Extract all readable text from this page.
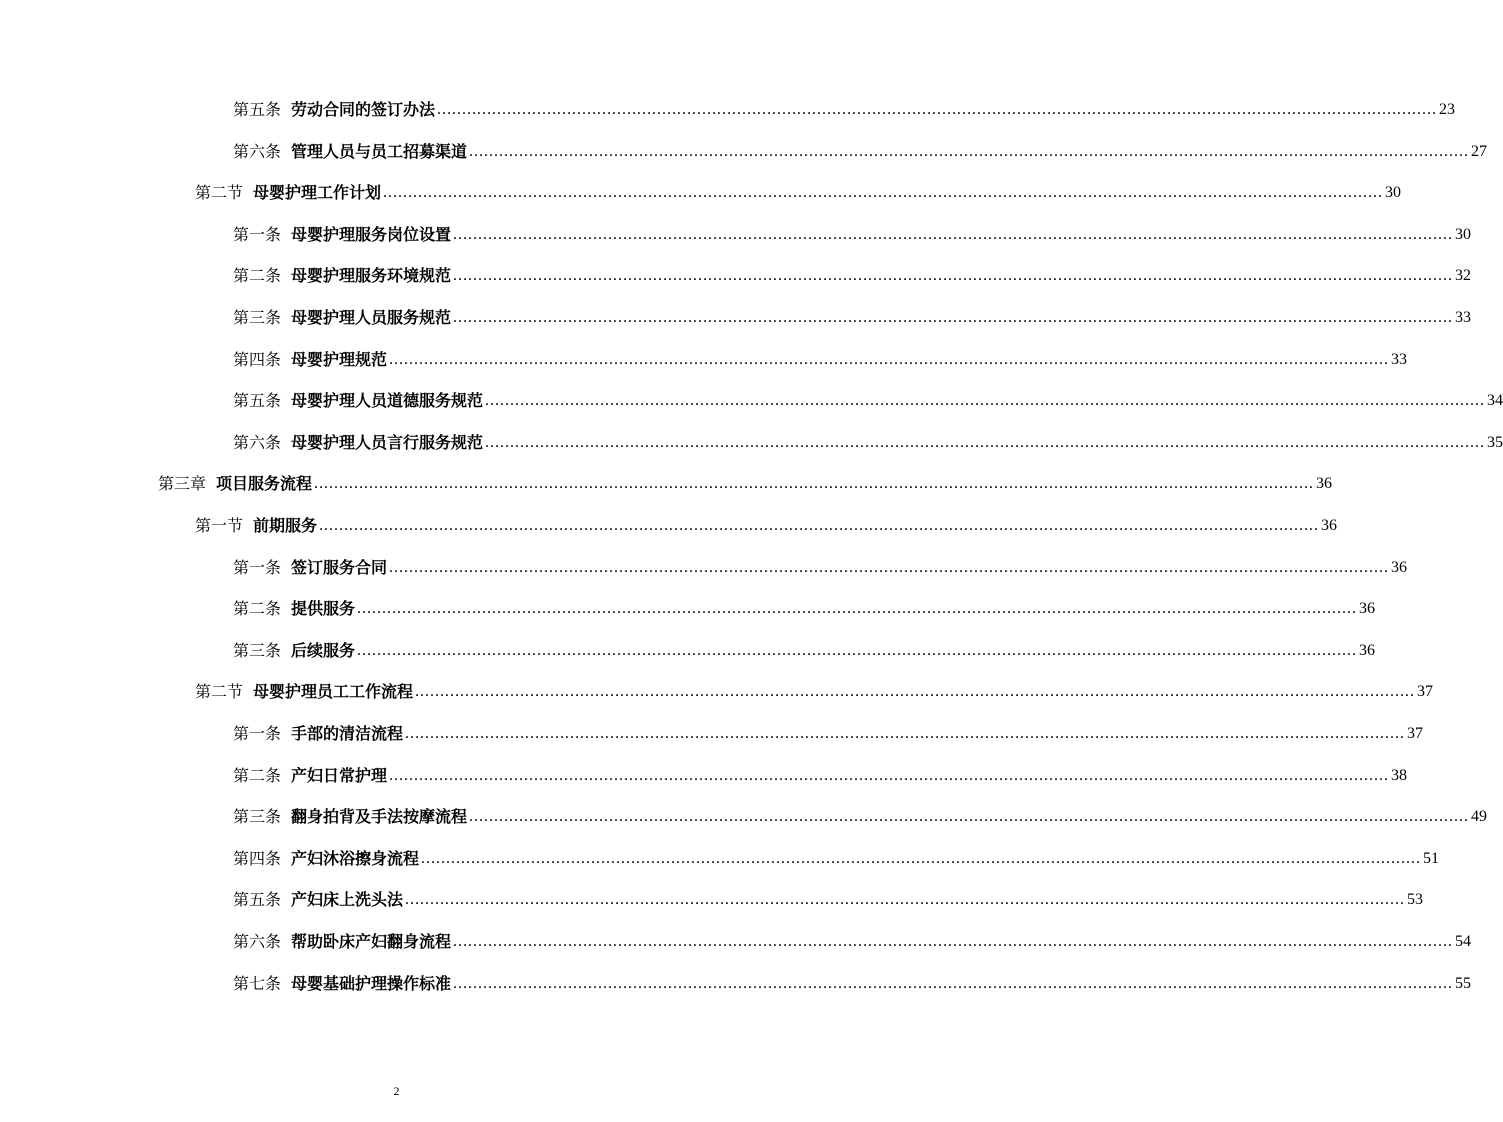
第五条 劳动合同的签订办法 ........................................................................................................................................................................................................ 23
第六条 管理人员与员工招募渠道 ........................................................................................................................................................................................................ 27
第二节 母婴护理工作计划 ........................................................................................................................................................................................................ 30
第一条 母婴护理服务岗位设置 ........................................................................................................................................................................................................ 30
第二条 母婴护理服务环境规范 ........................................................................................................................................................................................................ 32
第三条 母婴护理人员服务规范 ........................................................................................................................................................................................................ 33
第四条 母婴护理规范 ........................................................................................................................................................................................................ 33
第五条 母婴护理人员道德服务规范 ........................................................................................................................................................................................................ 34
第六条 母婴护理人员言行服务规范 ........................................................................................................................................................................................................ 35
第三章 项目服务流程 ........................................................................................................................................................................................................ 36
第一节 前期服务 ........................................................................................................................................................................................................ 36
第一条 签订服务合同 ........................................................................................................................................................................................................ 36
第二条 提供服务 ........................................................................................................................................................................................................ 36
第三条 后续服务 ........................................................................................................................................................................................................ 36
第二节 母婴护理员工工作流程 ........................................................................................................................................................................................................ 37
第一条 手部的清洁流程 ........................................................................................................................................................................................................ 37
第二条 产妇日常护理 ........................................................................................................................................................................................................ 38
第三条 翻身拍背及手法按摩流程 ........................................................................................................................................................................................................ 49
第四条 产妇沐浴擦身流程 ........................................................................................................................................................................................................ 51
第五条 产妇床上洗头法 ........................................................................................................................................................................................................ 53
第六条 帮助卧床产妇翻身流程 ........................................................................................................................................................................................................ 54
第七条 母婴基础护理操作标准 ........................................................................................................................................................................................................ 55
2
